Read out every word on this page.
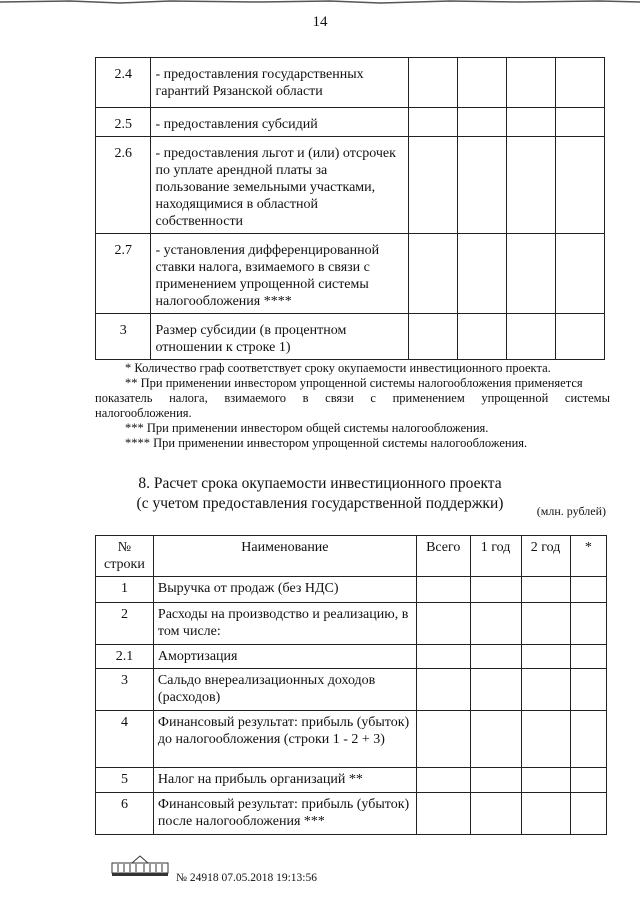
14
2.4	- предоставления государственных гарантий Рязанской области				
2.5	- предоставления субсидий				
2.6	- предоставления льгот и (или) отсрочек по уплате арендной платы за пользование земельными участками, находящимися в областной собственности				
2.7	- установления дифференцированной ставки налога, взимаемого в связи с применением упрощенной системы налогообложения ****				
3	Размер субсидии (в процентном отношении к строке 1)				
* Количество граф соответствует сроку окупаемости инвестиционного проекта.
** При применении инвестором упрощенной системы налогообложения применяется
показатель налога, взимаемого в связи с применением упрощенной системы
налогообложения.
*** При применении инвестором общей системы налогообложения.
**** При применении инвестором упрощенной системы налогообложения.
8. Расчет срока окупаемости инвестиционного проекта
(с учетом предоставления государственной поддержки)	(млн. рублей)
№ строки	Наименование	Всего	1 год	2 год	*
1	Выручка от продаж (без НДС)				
2	Расходы на производство и реализацию, в том числе:				
2.1	Амортизация				
3	Сальдо внереализационных доходов (расходов)				
4	Финансовый результат: прибыль (убыток) до налогообложения (строки 1 - 2 + 3)				
5	Налог на прибыль организаций **				
6	Финансовый результат: прибыль (убыток) после налогообложения ***				
№ 24918 07.05.2018 19:13:56
